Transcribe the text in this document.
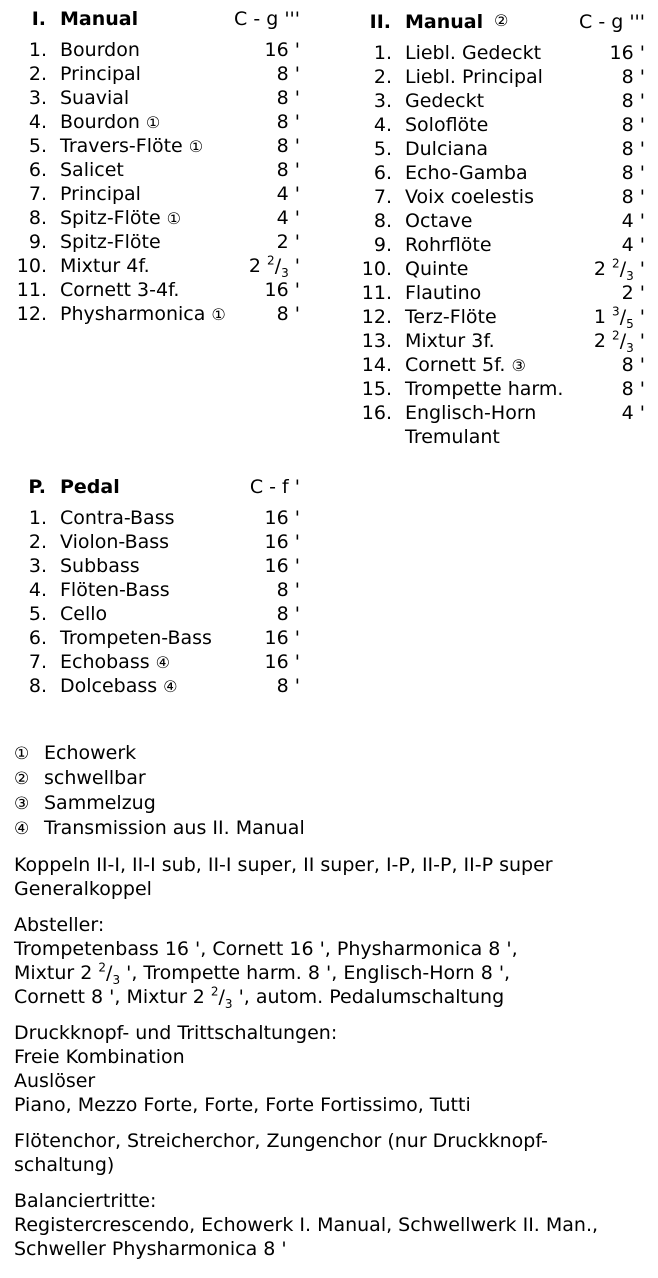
I. Manual	C - g '''
1. Bourdon	16 '
2. Principal	8 '
3. Suavial	8 '
4. Bourdon ①	8 '
5. Travers-Flöte ①	8 '
6. Salicet	8 '
7. Principal	4 '
8. Spitz-Flöte ①	4 '
9. Spitz-Flöte	2 '
10. Mixtur 4f.	2 $^2/_3$ '
11. Cornett 3-4f.	16 '
12. Physharmonica ①	8 '
II. Manual ②	C - g '''
1. Liebl. Gedeckt	16 '
2. Liebl. Principal	8 '
3. Gedeckt	8 '
4. Soloflöte	8 '
5. Dulciana	8 '
6. Echo-Gamba	8 '
7. Voix coelestis	8 '
8. Octave	4 '
9. Rohrflöte	4 '
10. Quinte	2 $^2/_3$ '
11. Flautino	2 '
12. Terz-Flöte	1 $^3/_5$ '
13. Mixtur 3f.	2 $^2/_3$ '
14. Cornett 5f. ③	8 '
15. Trompette harm.	8 '
16. Englisch-Horn	4 '
Tremulant
P. Pedal	C - f '
1. Contra-Bass	16 '
2. Violon-Bass	16 '
3. Subbass	16 '
4. Flöten-Bass	8 '
5. Cello	8 '
6. Trompeten-Bass	16 '
7. Echobass ④	16 '
8. Dolcebass ④	8 '
① Echowerk
② schwellbar
③ Sammelzug
④ Transmission aus II. Manual
Koppeln II-I, II-I sub, II-I super, II super, I-P, II-P, II-P super
Generalkoppel
Absteller:
Trompetenbass 16 ', Cornett 16 ', Physharmonica 8 ',
Mixtur 2 $^2/_3$ ', Trompette harm. 8 ', Englisch-Horn 8 ',
Cornett 8 ', Mixtur 2 $^2/_3$ ', autom. Pedalumschaltung
Druckknopf- und Trittschaltungen:
Freie Kombination
Auslöser
Piano, Mezzo Forte, Forte, Forte Fortissimo, Tutti
Flötenchor, Streicherchor, Zungenchor (nur Druckknopf-
schaltung)
Balanciertritte:
Registercrescendo, Echowerk I. Manual, Schwellwerk II. Man.,
Schweller Physharmonica 8 '
